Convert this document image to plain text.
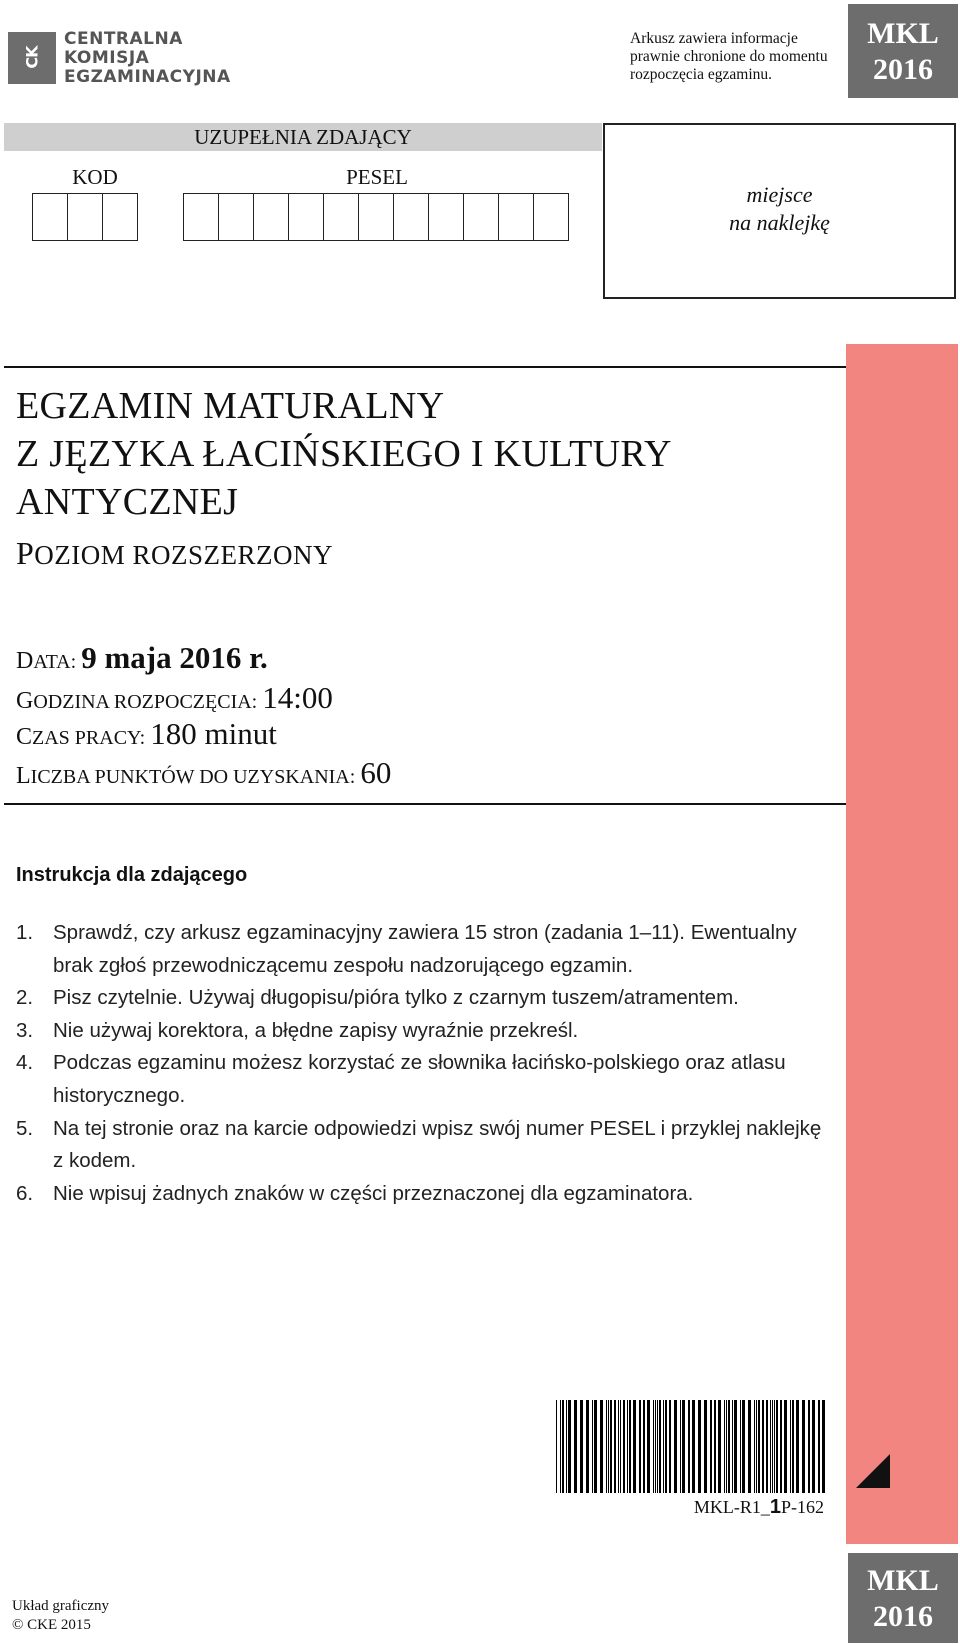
CK
CENTRALNA
KOMISJA
EGZAMINACYJNA
Arkusz zawiera informacje
prawnie chronione do momentu
rozpoczęcia egzaminu.
MKL
2016
UZUPEŁNIA ZDAJĄCY
KOD	PESEL
miejsce
na naklejkę
EGZAMIN MATURALNY
Z JĘZYKA ŁACIŃSKIEGO I KULTURY
ANTYCZNEJ
POZIOM ROZSZERZONY
DATA: 9 maja 2016 r.
GODZINA ROZPOCZĘCIA: 14:00
CZAS PRACY: 180 minut
LICZBA PUNKTÓW DO UZYSKANIA: 60
Instrukcja dla zdającego
1. Sprawdź, czy arkusz egzaminacyjny zawiera 15 stron (zadania 1–11). Ewentualny brak zgłoś przewodniczącemu zespołu nadzorującego egzamin.
2. Pisz czytelnie. Używaj długopisu/pióra tylko z czarnym tuszem/atramentem.
3. Nie używaj korektora, a błędne zapisy wyraźnie przekreśl.
4. Podczas egzaminu możesz korzystać ze słownika łacińsko-polskiego oraz atlasu historycznego.
5. Na tej stronie oraz na karcie odpowiedzi wpisz swój numer PESEL i przyklej naklejkę z kodem.
6. Nie wpisuj żadnych znaków w części przeznaczonej dla egzaminatora.
MKL-R1_1P-162
MKL
2016
Układ graficzny
© CKE 2015
